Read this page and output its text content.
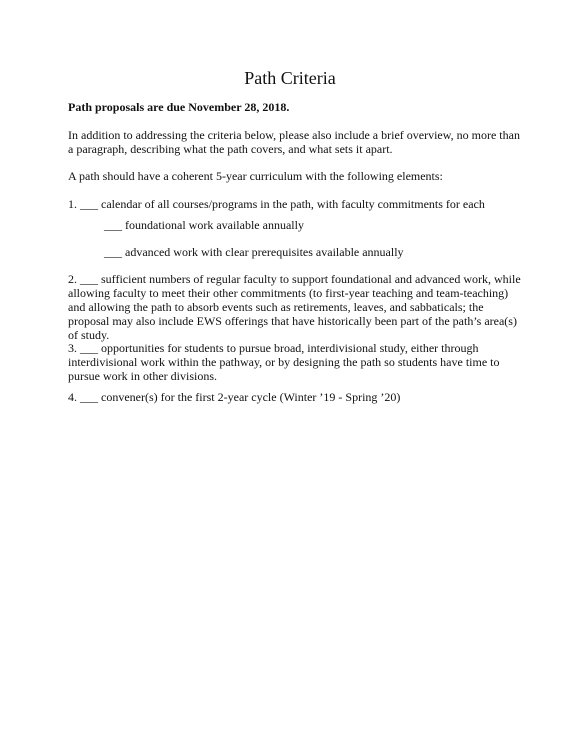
Path Criteria
Path proposals are due November 28, 2018.
In addition to addressing the criteria below, please also include a brief overview, no more than a paragraph, describing what the path covers, and what sets it apart.
A path should have a coherent 5-year curriculum with the following elements:
1. ___ calendar of all courses/programs in the path, with faculty commitments for each
___ foundational work available annually
___ advanced work with clear prerequisites available annually
2. ___ sufficient numbers of regular faculty to support foundational and advanced work, while allowing faculty to meet their other commitments (to first-year teaching and team-teaching) and allowing the path to absorb events such as retirements, leaves, and sabbaticals; the proposal may also include EWS offerings that have historically been part of the path’s area(s) of study.
3. ___ opportunities for students to pursue broad, interdivisional study, either through interdivisional work within the pathway, or by designing the path so students have time to pursue work in other divisions.
4. ___ convener(s) for the first 2-year cycle (Winter ’19 - Spring ’20)
